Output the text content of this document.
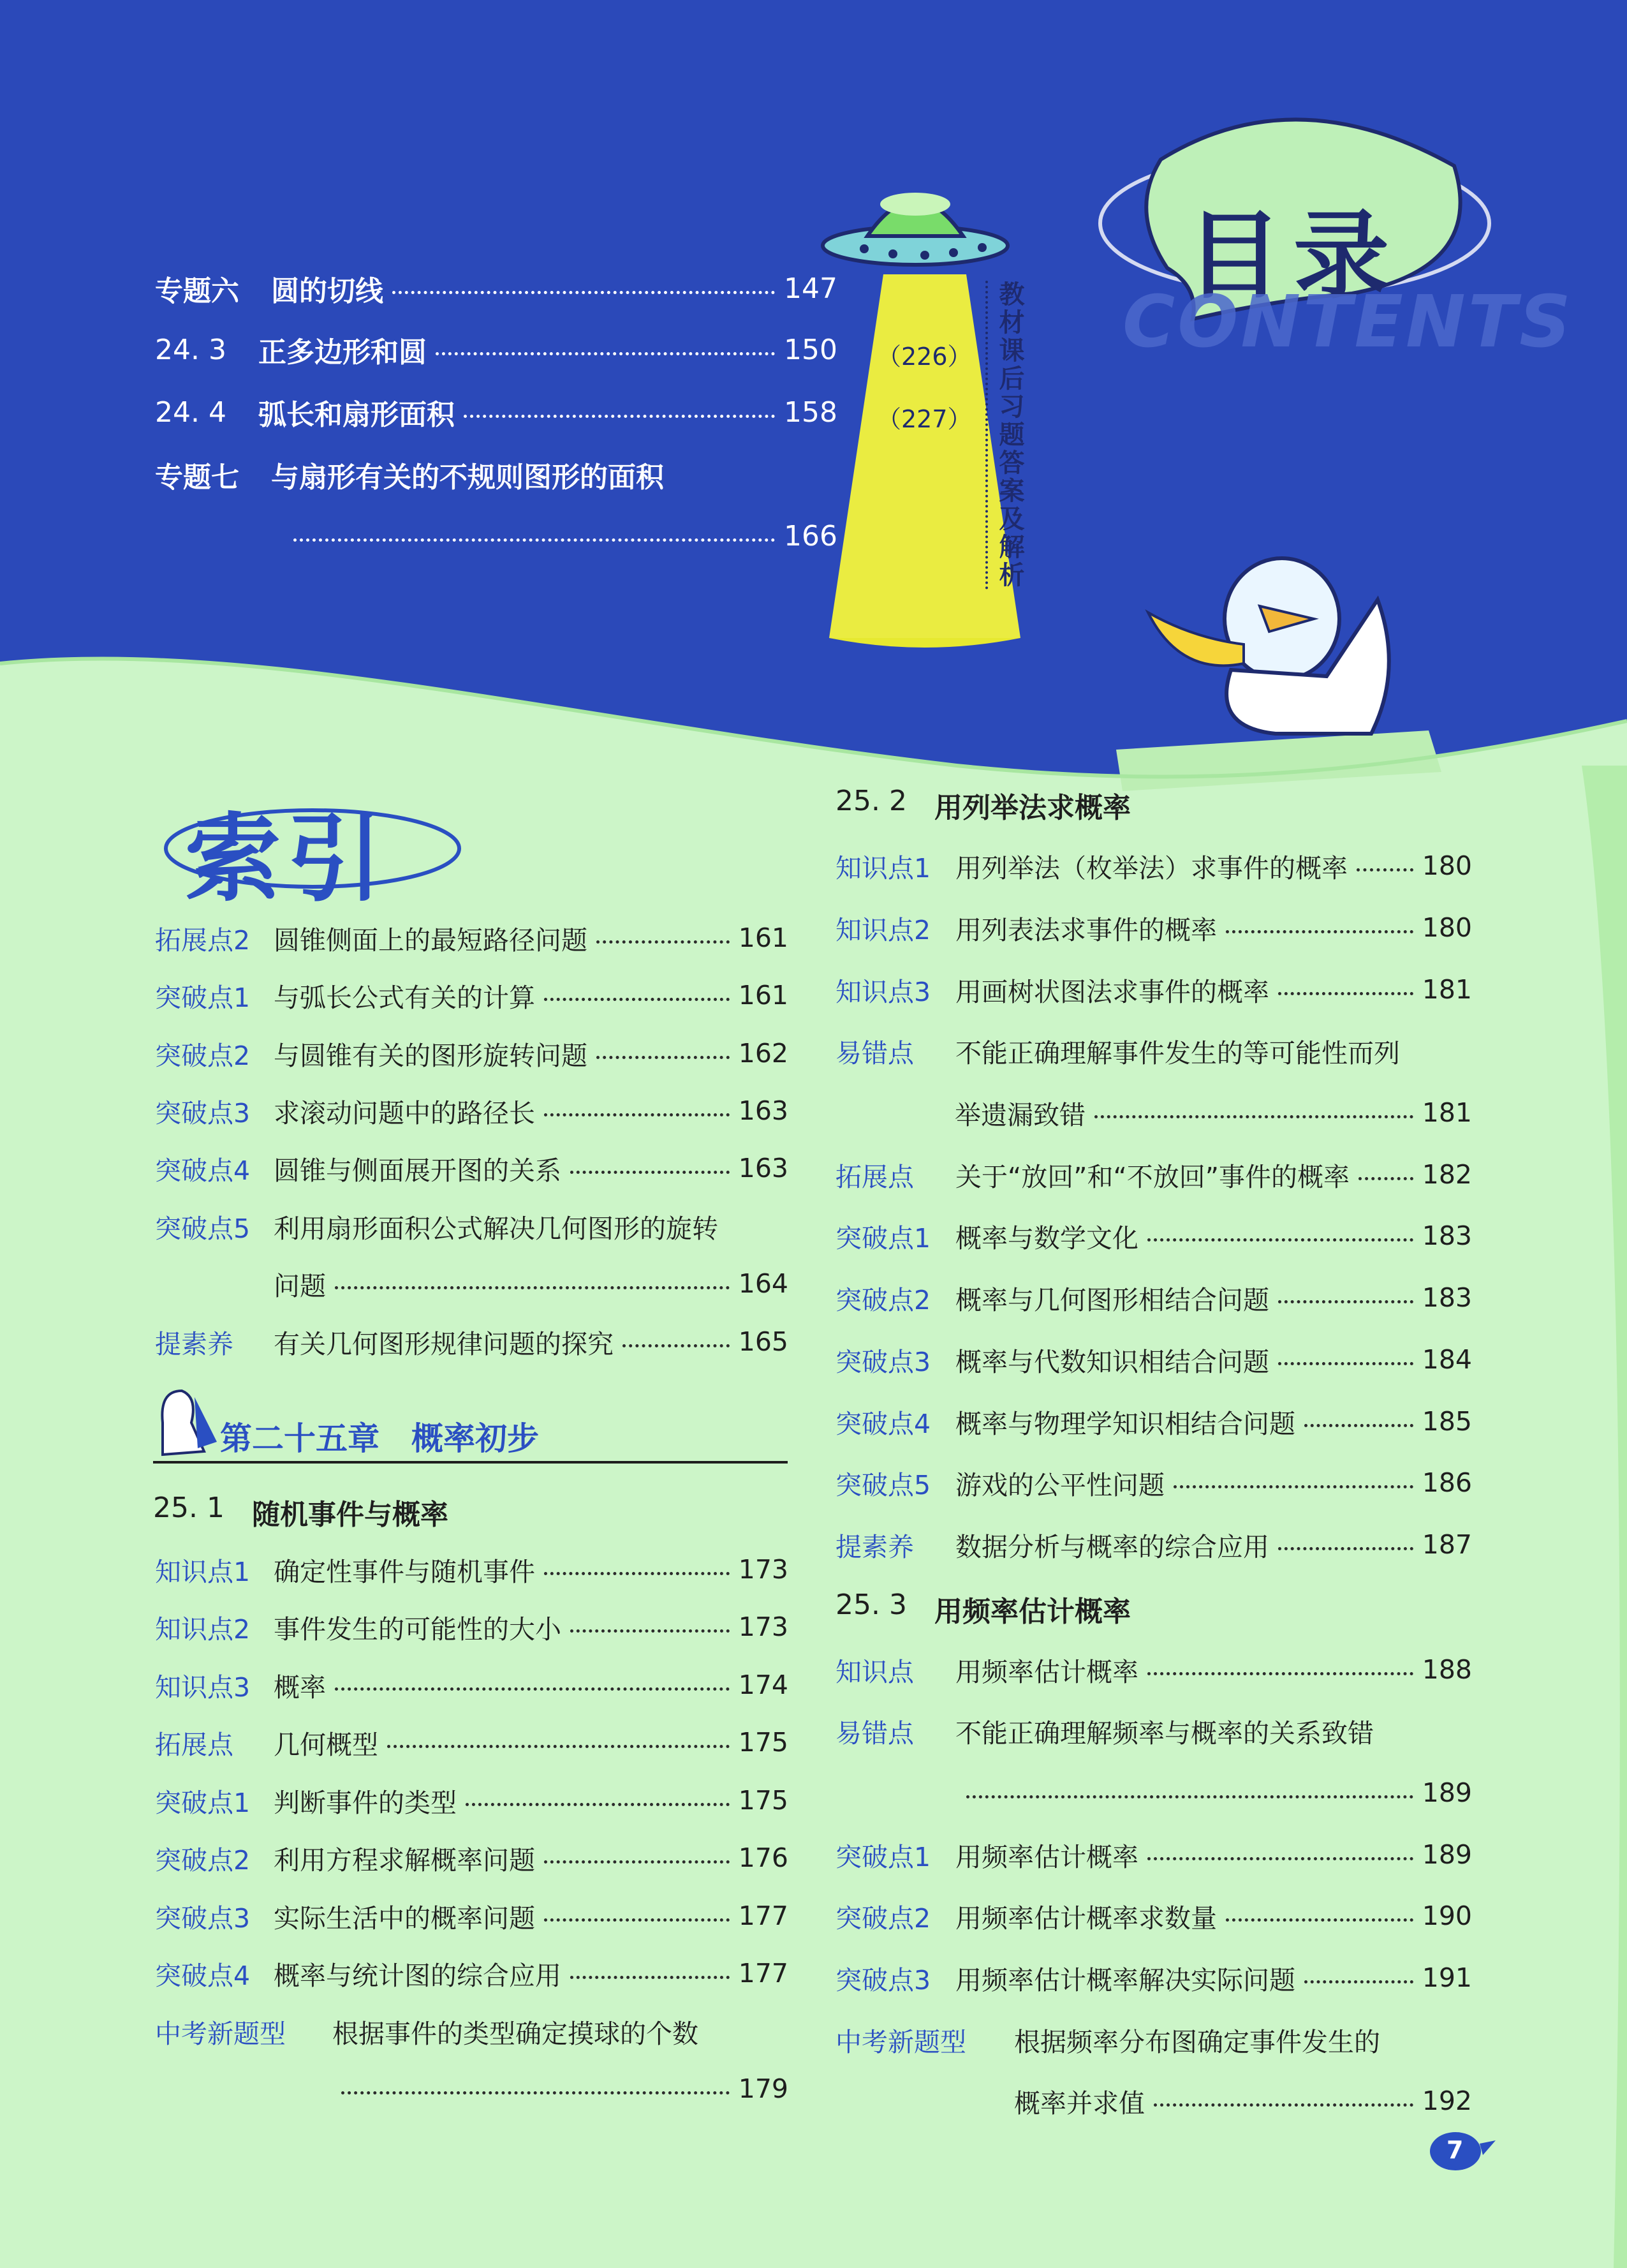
目录
CONTENTS
专题六 圆的切线	147
24. 3 正多边形和圆	150
24. 4 弧长和扇形面积	158
专题七 与扇形有关的不规则图形的面积
166
（226）
（227） 教材课后习题答案及解析
索引
拓展点2 圆锥侧面上的最短路径问题	161
突破点1 与弧长公式有关的计算	161
突破点2 与圆锥有关的图形旋转问题	162
突破点3 求滚动问题中的路径长	163
突破点4 圆锥与侧面展开图的关系	163
突破点5 利用扇形面积公式解决几何图形的旋转
问题	164
提素养	有关几何图形规律问题的探究	165
第二十五章　概率初步
25. 1 随机事件与概率
知识点1 确定性事件与随机事件	173
知识点2 事件发生的可能性的大小	173
知识点3 概率	174
拓展点	几何概型	175
突破点1 判断事件的类型	175
突破点2 利用方程求解概率问题	176
突破点3 实际生活中的概率问题	177
突破点4 概率与统计图的综合应用	177
中考新题型	根据事件的类型确定摸球的个数
179
25. 2 用列举法求概率
知识点1 用列举法（枚举法）求事件的概率	180
知识点2 用列表法求事件的概率	180
知识点3 用画树状图法求事件的概率	181
易错点	不能正确理解事件发生的等可能性而列
举遗漏致错	181
拓展点	关于“放回”和“不放回”事件的概率	182
突破点1 概率与数学文化	183
突破点2 概率与几何图形相结合问题	183
突破点3 概率与代数知识相结合问题	184
突破点4 概率与物理学知识相结合问题	185
突破点5 游戏的公平性问题	186
提素养	数据分析与概率的综合应用	187
25. 3 用频率估计概率
知识点	用频率估计概率	188
易错点	不能正确理解频率与概率的关系致错
189
突破点1 用频率估计概率	189
突破点2 用频率估计概率求数量	190
突破点3 用频率估计概率解决实际问题	191
中考新题型	根据频率分布图确定事件发生的
概率并求值	192
7
